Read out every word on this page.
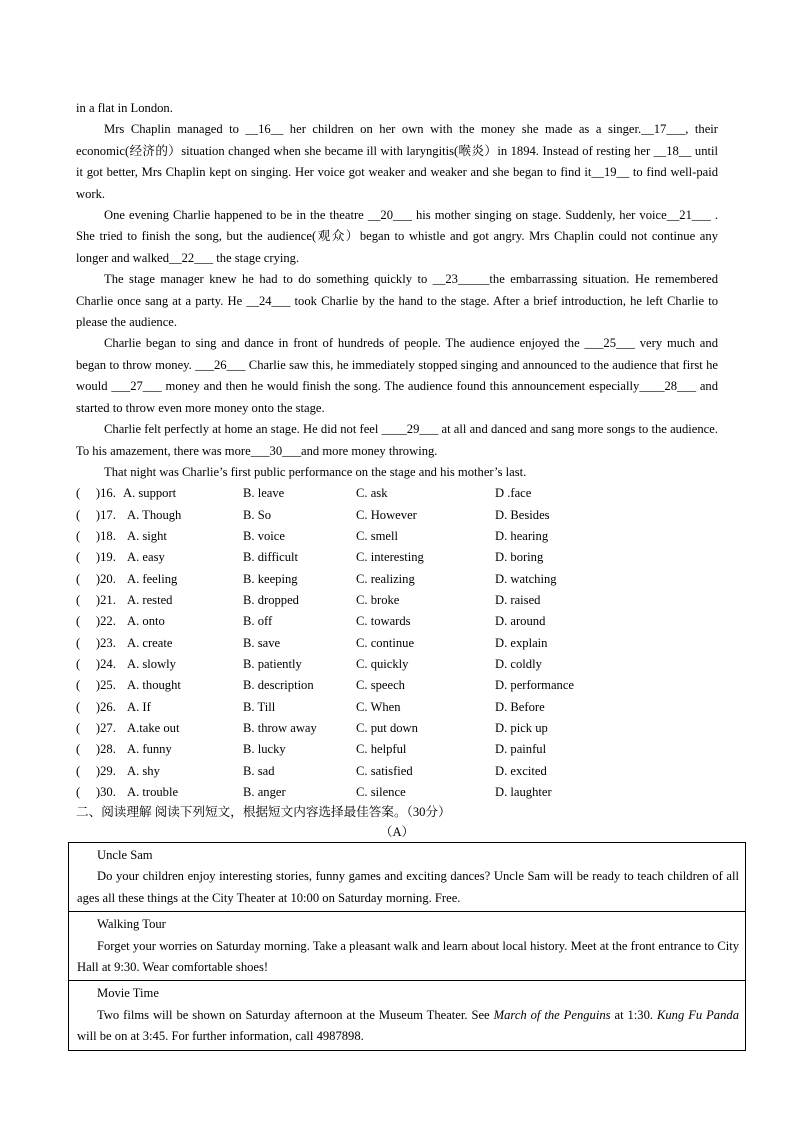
in a flat in London.

Mrs Chaplin managed to __16__ her children on her own with the money she made as a singer.__17___, their economic(经济的）situation changed when she became ill with laryngitis(喉炎）in 1894. Instead of resting her __18__ until it got better, Mrs Chaplin kept on singing. Her voice got weaker and weaker and she began to find it__19__ to find well-paid work.

One evening Charlie happened to be in the theatre __20___ his mother singing on stage. Suddenly, her voice__21___ . She tried to finish the song, but the audience(观众）began to whistle and got angry. Mrs Chaplin could not continue any longer and walked__22___ the stage crying.

The stage manager knew he had to do something quickly to __23_____the embarrassing situation. He remembered Charlie once sang at a party. He __24___ took Charlie by the hand to the stage. After a brief introduction, he left Charlie to please the audience.

Charlie began to sing and dance in front of hundreds of people. The audience enjoyed the ___25___ very much and began to throw money. ___26___ Charlie saw this, he immediately stopped singing and announced to the audience that first he would ___27___ money and then he would finish the song. The audience found this announcement especially____28___ and started to throw even more money onto the stage.

Charlie felt perfectly at home an stage. He did not feel ____29___ at all and danced and sang more songs to the audience. To his amazement, there was more___30___and more money throwing.

That night was Charlie’s first public performance on the stage and his mother’s last.

(　 )16. A. support	B. leave	C. ask	D .face
(　 )17. A. Though	B. So	C. However	D. Besides
(　 )18. A. sight	B. voice	C. smell	D. hearing
(　 )19. A. easy	B. difficult	C. interesting	D. boring
(　 )20. A. feeling	B. keeping	C. realizing	D. watching
(　 )21. A. rested	B. dropped	C. broke	D. raised
(　 )22. A. onto	B. off	C. towards	D. around
(　 )23. A. create	B. save	C. continue	D. explain
(　 )24. A. slowly	B. patiently	C. quickly	D. coldly
(　 )25. A. thought	B. description	C. speech	D. performance
(　 )26. A. If	B. Till	C. When	D. Before
(　 )27. A.take out	B. throw away	C. put down	D. pick up
(　 )28. A. funny	B. lucky	C. helpful	D. painful
(　 )29. A. shy	B. sad	C. satisfied	D. excited
(　 )30. A. trouble	B. anger	C. silence	D. laughter
二、阅读理解 阅读下列短文，根据短文内容选择最佳答案。（30分）
（A）
Uncle Sam

Do your children enjoy interesting stories, funny games and exciting dances? Uncle Sam will be ready to teach children of all ages all these things at the City Theater at 10:00 on Saturday morning. Free.

Walking Tour

Forget your worries on Saturday morning. Take a pleasant walk and learn about local history. Meet at the front entrance to City Hall at 9:30. Wear comfortable shoes!

Movie Time

Two films will be shown on Saturday afternoon at the Museum Theater. See March of the Penguins at 1:30. Kung Fu Panda will be on at 3:45. For further information, call 4987898.
